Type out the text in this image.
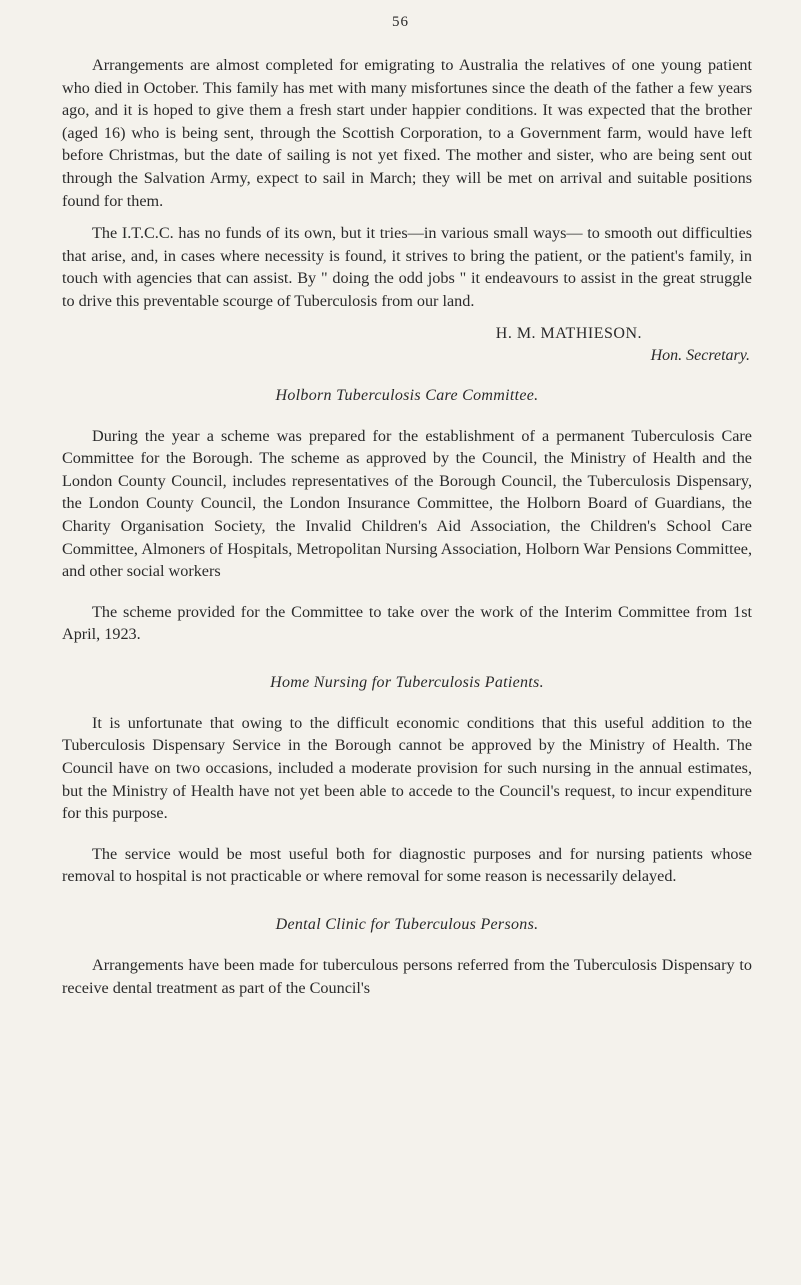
56

Arrangements are almost completed for emigrating to Australia the relatives of one young patient who died in October. This family has met with many misfortunes since the death of the father a few years ago, and it is hoped to give them a fresh start under happier conditions. It was expected that the brother (aged 16) who is being sent, through the Scottish Corporation, to a Government farm, would have left before Christmas, but the date of sailing is not yet fixed. The mother and sister, who are being sent out through the Salvation Army, expect to sail in March; they will be met on arrival and suitable positions found for them.

The I.T.C.C. has no funds of its own, but it tries—in various small ways— to smooth out difficulties that arise, and, in cases where necessity is found, it strives to bring the patient, or the patient's family, in touch with agencies that can assist. By " doing the odd jobs " it endeavours to assist in the great struggle to drive this preventable scourge of Tuberculosis from our land.

H. M. MATHIESON.
Hon. Secretary.
Holborn Tuberculosis Care Committee.

During the year a scheme was prepared for the establishment of a permanent Tuberculosis Care Committee for the Borough. The scheme as approved by the Council, the Ministry of Health and the London County Council, includes representatives of the Borough Council, the Tuberculosis Dispensary, the London County Council, the London Insurance Committee, the Holborn Board of Guardians, the Charity Organisation Society, the Invalid Children's Aid Association, the Children's School Care Committee, Almoners of Hospitals, Metropolitan Nursing Association, Holborn War Pensions Committee, and other social workers

The scheme provided for the Committee to take over the work of the Interim Committee from 1st April, 1923.

Home Nursing for Tuberculosis Patients.

It is unfortunate that owing to the difficult economic conditions that this useful addition to the Tuberculosis Dispensary Service in the Borough cannot be approved by the Ministry of Health. The Council have on two occasions, included a moderate provision for such nursing in the annual estimates, but the Ministry of Health have not yet been able to accede to the Council's request, to incur expenditure for this purpose.

The service would be most useful both for diagnostic purposes and for nursing patients whose removal to hospital is not practicable or where removal for some reason is necessarily delayed.

Dental Clinic for Tuberculous Persons.

Arrangements have been made for tuberculous persons referred from the Tuberculosis Dispensary to receive dental treatment as part of the Council's
